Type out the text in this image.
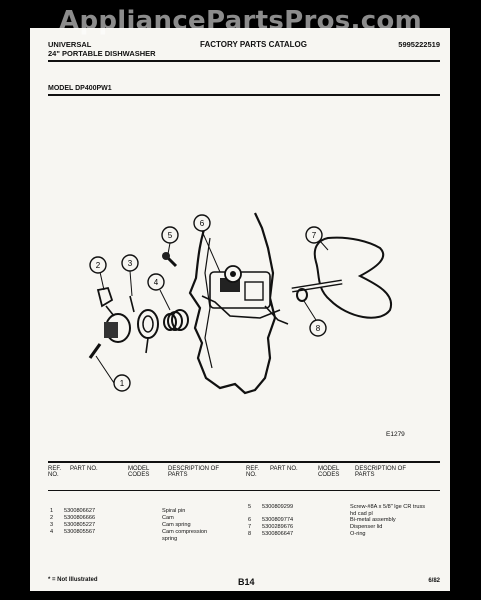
AppliancePartsPros.com
UNIVERSAL
24" PORTABLE DISHWASHER
FACTORY PARTS CATALOG	5995222519
MODEL DP400PW1
1
2	3
4
5
6
7
8
E1279
REF. NO.
PART NO.	MODEL CODES
DESCRIPTION OF PARTS
REF. NO.
PART NO.	MODEL CODES
DESCRIPTION OF PARTS
1 5300806627	Spiral pin
2 5300806666	Cam
3 5300805227	Cam spring
4 5300805567	Cam compression spring
5 5300809299	Screw-#8A x 5/8" lge CR truss hd cad pl
6 5300809774	Bi-metal assembly
7 5300289676	Dispenser lid
8 5300806647	O-ring
* = Not Illustrated	B14	6/82
